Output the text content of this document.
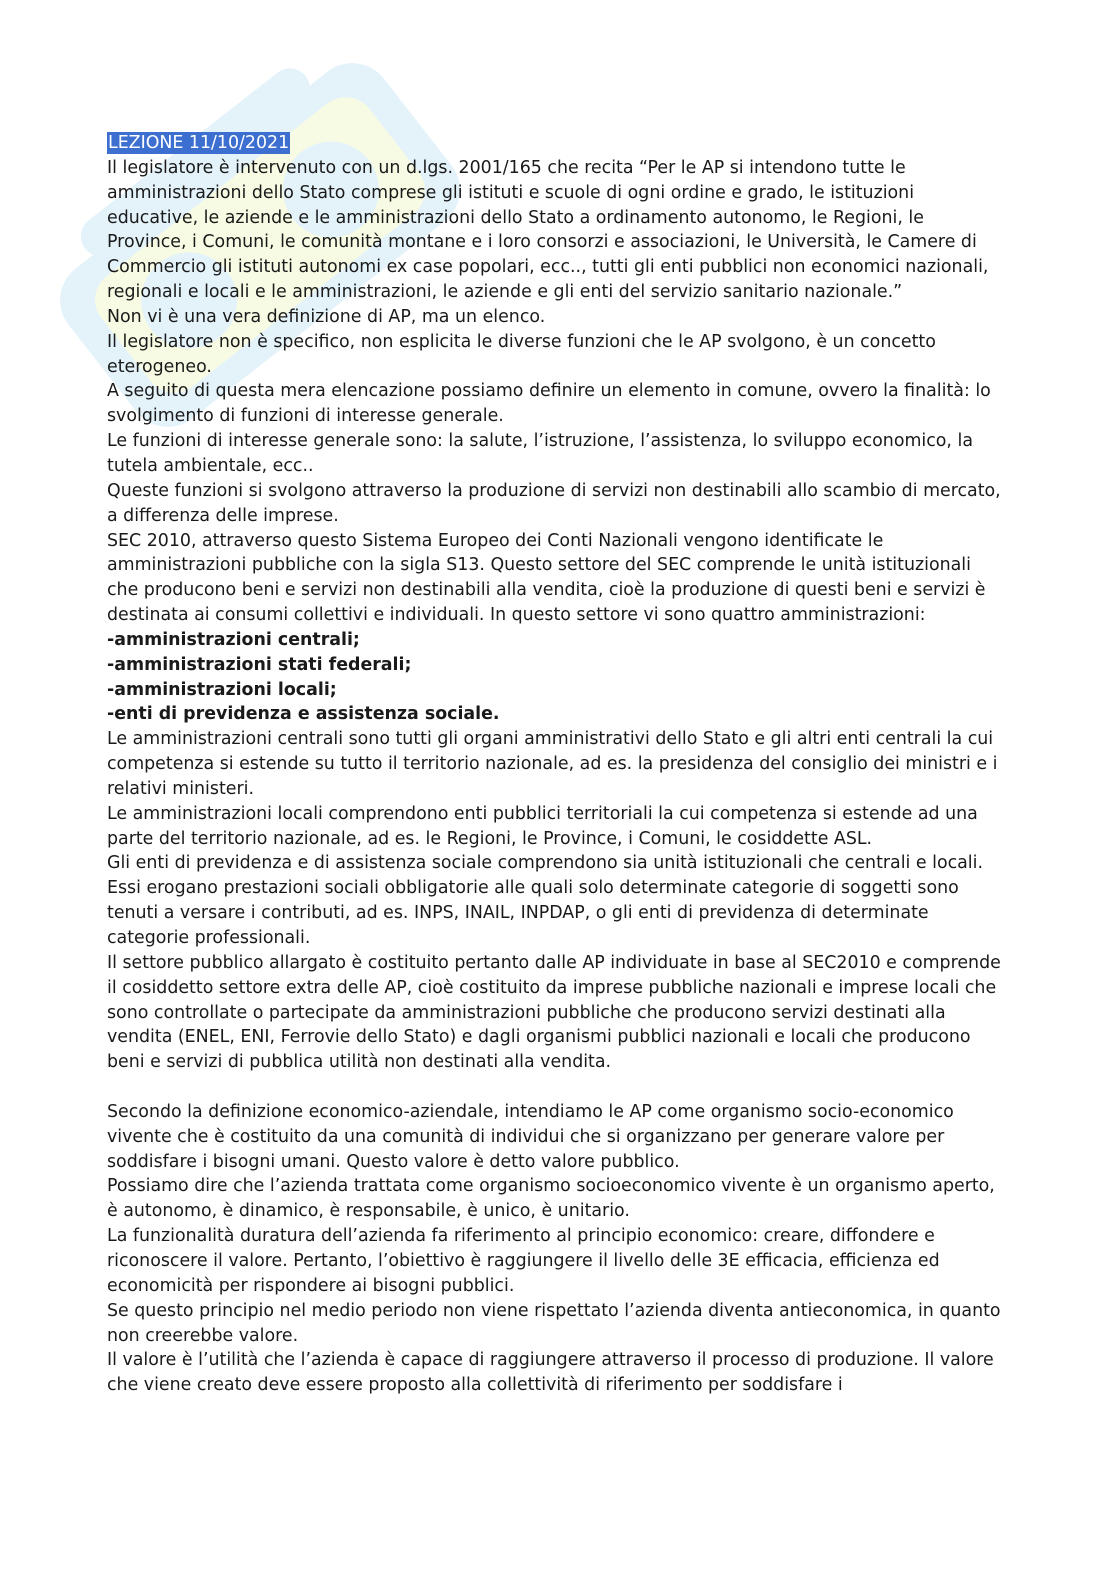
LEZIONE 11/10/2021

Il legislatore è intervenuto con un d.lgs. 2001/165 che recita “Per le AP si intendono tutte le amministrazioni dello Stato comprese gli istituti e scuole di ogni ordine e grado, le istituzioni educative, le aziende e le amministrazioni dello Stato a ordinamento autonomo, le Regioni, le Province, i Comuni, le comunità montane e i loro consorzi e associazioni, le Università, le Camere di Commercio gli istituti autonomi ex case popolari, ecc.., tutti gli enti pubblici non economici nazionali, regionali e locali e le amministrazioni, le aziende e gli enti del servizio sanitario nazionale.”

Non vi è una vera definizione di AP, ma un elenco.

Il legislatore non è specifico, non esplicita le diverse funzioni che le AP svolgono, è un concetto eterogeneo.

A seguito di questa mera elencazione possiamo definire un elemento in comune, ovvero la finalità: lo svolgimento di funzioni di interesse generale.

Le funzioni di interesse generale sono: la salute, l’istruzione, l’assistenza, lo sviluppo economico, la tutela ambientale, ecc..

Queste funzioni si svolgono attraverso la produzione di servizi non destinabili allo scambio di mercato, a differenza delle imprese.

SEC 2010, attraverso questo Sistema Europeo dei Conti Nazionali vengono identificate le amministrazioni pubbliche con la sigla S13. Questo settore del SEC comprende le unità istituzionali che producono beni e servizi non destinabili alla vendita, cioè la produzione di questi beni e servizi è destinata ai consumi collettivi e individuali. In questo settore vi sono quattro amministrazioni:

-amministrazioni centrali;

-amministrazioni stati federali;

-amministrazioni locali;

-enti di previdenza e assistenza sociale.

Le amministrazioni centrali sono tutti gli organi amministrativi dello Stato e gli altri enti centrali la cui competenza si estende su tutto il territorio nazionale, ad es. la presidenza del consiglio dei ministri e i relativi ministeri.

Le amministrazioni locali comprendono enti pubblici territoriali la cui competenza si estende ad una parte del territorio nazionale, ad es. le Regioni, le Province, i Comuni, le cosiddette ASL.

Gli enti di previdenza e di assistenza sociale comprendono sia unità istituzionali che centrali e locali. Essi erogano prestazioni sociali obbligatorie alle quali solo determinate categorie di soggetti sono tenuti a versare i contributi, ad es. INPS, INAIL, INPDAP, o gli enti di previdenza di determinate categorie professionali.

Il settore pubblico allargato è costituito pertanto dalle AP individuate in base al SEC2010 e comprende il cosiddetto settore extra delle AP, cioè costituito da imprese pubbliche nazionali e imprese locali che sono controllate o partecipate da amministrazioni pubbliche che producono servizi destinati alla vendita (ENEL, ENI, Ferrovie dello Stato) e dagli organismi pubblici nazionali e locali che producono beni e servizi di pubblica utilità non destinati alla vendita.

Secondo la definizione economico-aziendale, intendiamo le AP come organismo socio-economico vivente che è costituito da una comunità di individui che si organizzano per generare valore per soddisfare i bisogni umani. Questo valore è detto valore pubblico.

Possiamo dire che l’azienda trattata come organismo socioeconomico vivente è un organismo aperto, è autonomo, è dinamico, è responsabile, è unico, è unitario.

La funzionalità duratura dell’azienda fa riferimento al principio economico: creare, diffondere e riconoscere il valore. Pertanto, l’obiettivo è raggiungere il livello delle 3E efficacia, efficienza ed economicità per rispondere ai bisogni pubblici.

Se questo principio nel medio periodo non viene rispettato l’azienda diventa antieconomica, in quanto non creerebbe valore.

Il valore è l’utilità che l’azienda è capace di raggiungere attraverso il processo di produzione. Il valore che viene creato deve essere proposto alla collettività di riferimento per soddisfare i
